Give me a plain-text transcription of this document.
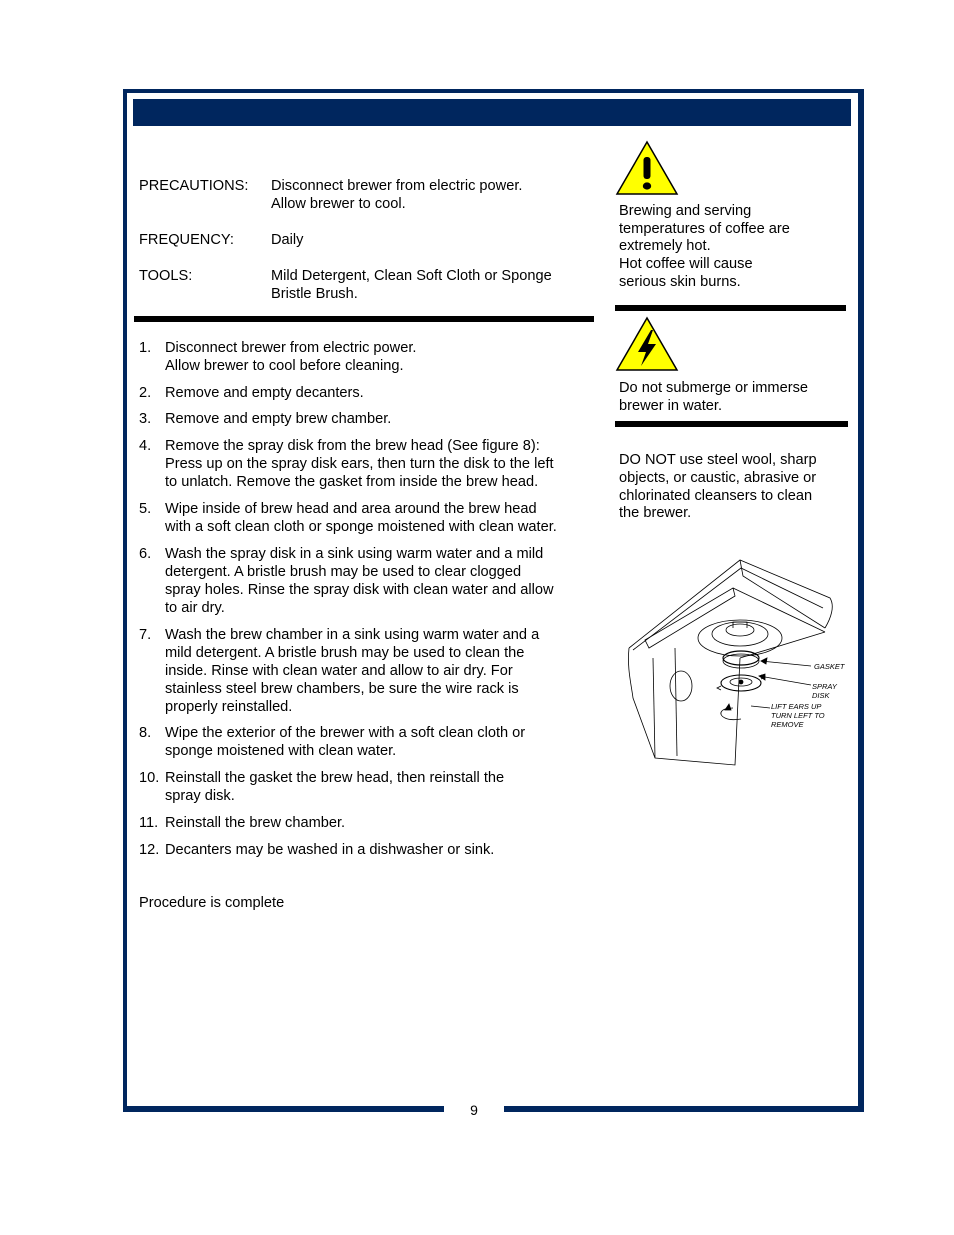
9
PRECAUTIONS: Disconnect brewer from electric power.
Allow brewer to cool.
FREQUENCY:	Daily
TOOLS:	Mild Detergent, Clean Soft Cloth or Sponge
Bristle Brush.
1. Disconnect brewer from electric power.
Allow brewer to cool before cleaning.
2. Remove and empty decanters.
3. Remove and empty brew chamber.
4. Remove the spray disk from the brew head (See figure 8):
Press up on the spray disk ears, then turn the disk to the left
to unlatch. Remove the gasket from inside the brew head.
5. Wipe inside of brew head and area around the brew head
with a soft clean cloth or sponge moistened with clean water.
6. Wash the spray disk in a sink using warm water and a mild
detergent. A bristle brush may be used to clear clogged
spray holes. Rinse the spray disk with clean water and allow
to air dry.
7. Wash the brew chamber in a sink using warm water and a
mild detergent. A bristle brush may be used to clean the
inside. Rinse with clean water and allow to air dry. For
stainless steel brew chambers, be sure the wire rack is
properly reinstalled.
8. Wipe the exterior of the brewer with a soft clean cloth or
sponge moistened with clean water.
10. Reinstall the gasket the brew head, then reinstall the
spray disk.
11. Reinstall the brew chamber.
12. Decanters may be washed in a dishwasher or sink.
Procedure is complete
Brewing and serving
temperatures of coffee are
extremely hot.
Hot coffee will cause
serious skin burns.
Do not submerge or immerse
brewer in water.
DO NOT use steel wool, sharp
objects, or caustic, abrasive or
chlorinated cleansers to clean
the brewer.
GASKET
SPRAY
DISK
LIFT EARS UP
TURN LEFT TO
REMOVE
